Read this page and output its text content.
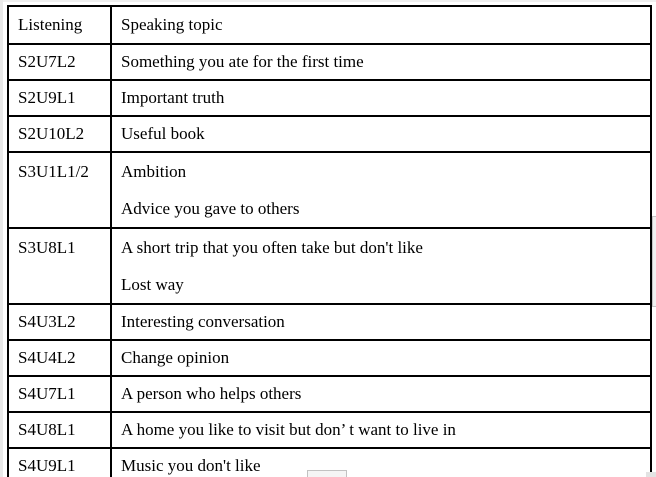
Listening	Speaking topic

S2U7L2	Something you ate for the first time

S2U9L1	Important truth

S2U10L2	Useful book

S3U1L1/2	Ambition
Advice you gave to others

S3U8L1	A short trip that you often take but don't like
Lost way

S4U3L2	Interesting conversation

S4U4L2	Change opinion

S4U7L1	A person who helps others

S4U8L1	A home you like to visit but don’ t want to live in

S4U9L1	Music you don't like
